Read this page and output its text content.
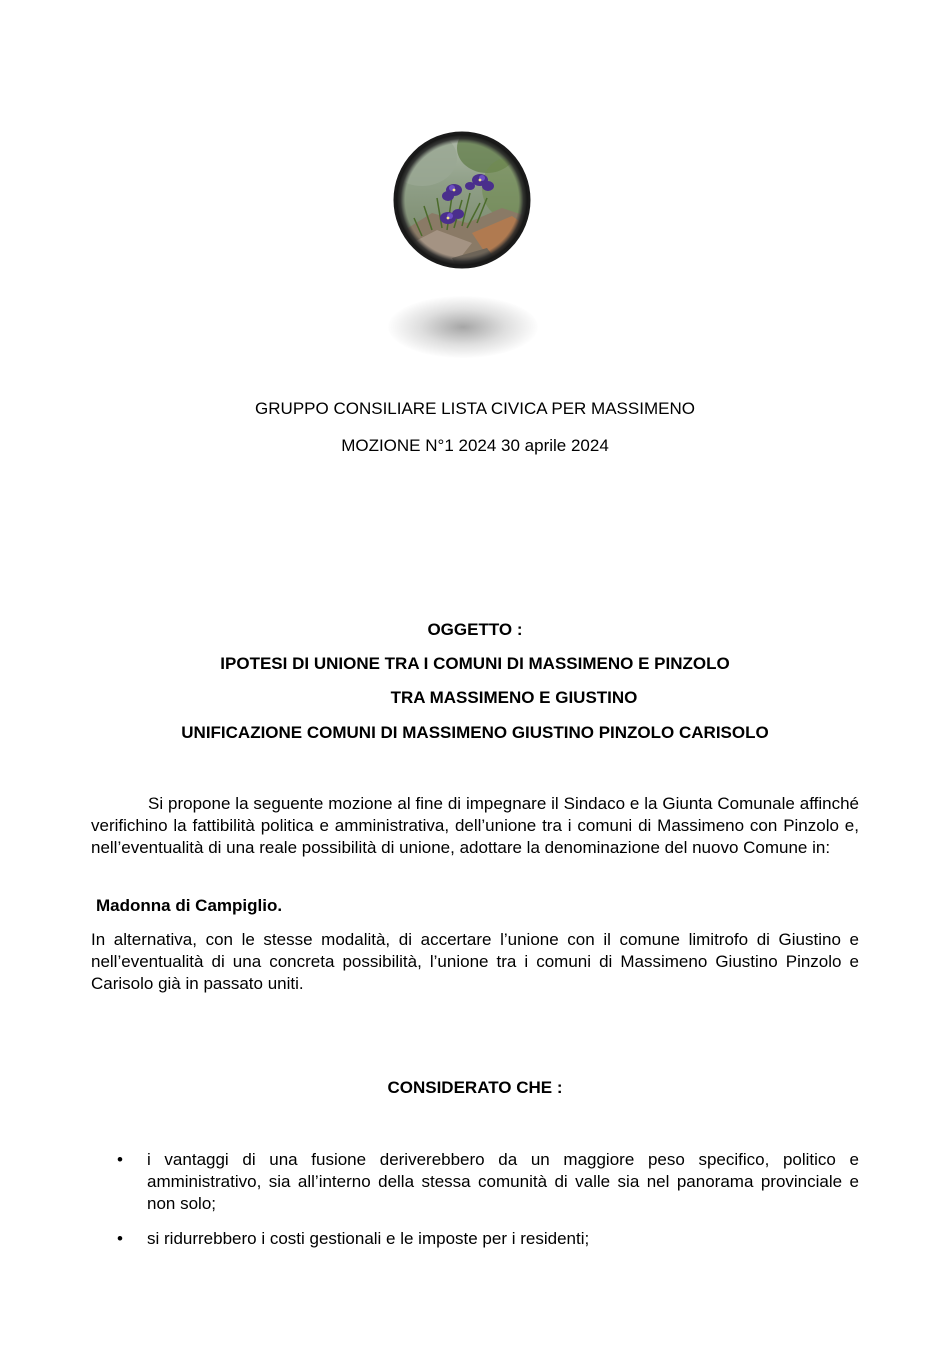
GRUPPO CONSILIARE LISTA CIVICA PER MASSIMENO
MOZIONE N°1 2024 30 aprile 2024
OGGETTO :
IPOTESI DI UNIONE TRA I COMUNI DI MASSIMENO E PINZOLO
TRA MASSIMENO E GIUSTINO
UNIFICAZIONE COMUNI DI MASSIMENO GIUSTINO PINZOLO CARISOLO
Si propone la seguente mozione al fine di impegnare il Sindaco e la Giunta Comunale affinché verifichino la fattibilità politica e amministrativa, dell’unione tra i comuni di Massimeno con Pinzolo e, nell’eventualità di una reale possibilità di unione, adottare la denominazione del nuovo Comune in:
Madonna di Campiglio.
In alternativa, con le stesse modalità, di accertare l’unione con il comune limitrofo di Giustino e nell’eventualità di una concreta possibilità, l’unione tra i comuni di Massimeno Giustino Pinzolo e Carisolo già in passato uniti.
CONSIDERATO CHE :
•	i vantaggi di una fusione deriverebbero da un maggiore peso specifico, politico e amministrativo, sia all’interno della stessa comunità di valle sia nel panorama provinciale e non solo;
•	si ridurrebbero i costi gestionali e le imposte per i residenti;
